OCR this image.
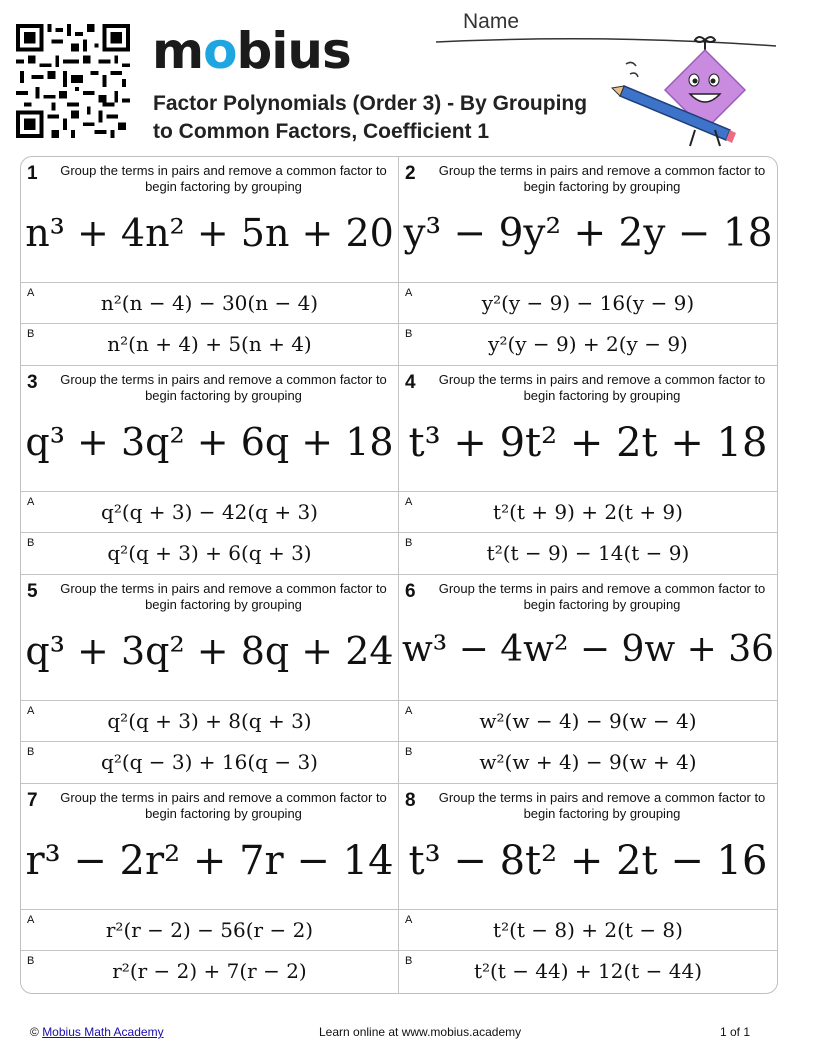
mobius
Factor Polynomials (Order 3) - By Grouping to Common Factors, Coefficient 1
Name
1	Group the terms in pairs and remove a common factor to begin factoring by grouping
n³ + 4n² + 5n + 20
A	n²(n − 4) − 30(n − 4)
B	n²(n + 4) + 5(n + 4)
2	Group the terms in pairs and remove a common factor to begin factoring by grouping
y³ − 9y² + 2y − 18
A	y²(y − 9) − 16(y − 9)
B	y²(y − 9) + 2(y − 9)
3	Group the terms in pairs and remove a common factor to begin factoring by grouping
q³ + 3q² + 6q + 18
A	q²(q + 3) − 42(q + 3)
B	q²(q + 3) + 6(q + 3)
4	Group the terms in pairs and remove a common factor to begin factoring by grouping
t³ + 9t² + 2t + 18
A	t²(t + 9) + 2(t + 9)
B	t²(t − 9) − 14(t − 9)
5	Group the terms in pairs and remove a common factor to begin factoring by grouping
q³ + 3q² + 8q + 24
A	q²(q + 3) + 8(q + 3)
B	q²(q − 3) + 16(q − 3)
6	Group the terms in pairs and remove a common factor to begin factoring by grouping
w³ − 4w² − 9w + 36
A	w²(w − 4) − 9(w − 4)
B	w²(w + 4) − 9(w + 4)
7	Group the terms in pairs and remove a common factor to begin factoring by grouping
r³ − 2r² + 7r − 14
A	r²(r − 2) − 56(r − 2)
B	r²(r − 2) + 7(r − 2)
8	Group the terms in pairs and remove a common factor to begin factoring by grouping
t³ − 8t² + 2t − 16
A	t²(t − 8) + 2(t − 8)
B	t²(t − 44) + 12(t − 44)
© Mobius Math Academy	Learn online at www.mobius.academy	1 of 1
